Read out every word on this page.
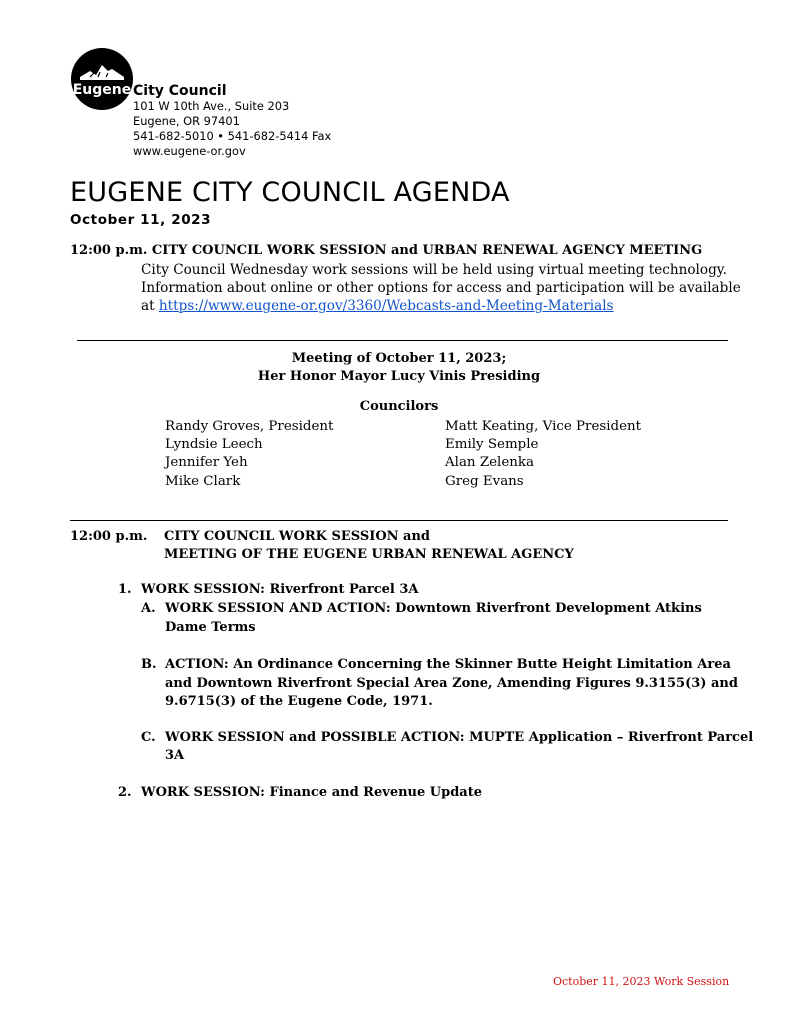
Eugene City Council
101 W 10th Ave., Suite 203
Eugene, OR 97401
541-682-5010 • 541-682-5414 Fax
www.eugene-or.gov
EUGENE CITY COUNCIL AGENDA
October 11, 2023
12:00 p.m. CITY COUNCIL WORK SESSION and URBAN RENEWAL AGENCY MEETING
City Council Wednesday work sessions will be held using virtual meeting technology.
Information about online or other options for access and participation will be available
at https://www.eugene-or.gov/3360/Webcasts-and-Meeting-Materials
Meeting of October 11, 2023;
Her Honor Mayor Lucy Vinis Presiding
Councilors
Randy Groves, President
Lyndsie Leech
Jennifer Yeh
Mike Clark
Matt Keating, Vice President
Emily Semple
Alan Zelenka
Greg Evans
12:00 p.m. CITY COUNCIL WORK SESSION and
MEETING OF THE EUGENE URBAN RENEWAL AGENCY
1. WORK SESSION: Riverfront Parcel 3A
A. WORK SESSION AND ACTION: Downtown Riverfront Development Atkins
Dame Terms
B. ACTION: An Ordinance Concerning the Skinner Butte Height Limitation Area
and Downtown Riverfront Special Area Zone, Amending Figures 9.3155(3) and
9.6715(3) of the Eugene Code, 1971.
C. WORK SESSION and POSSIBLE ACTION: MUPTE Application – Riverfront Parcel
3A
2. WORK SESSION: Finance and Revenue Update
October 11, 2023 Work Session
